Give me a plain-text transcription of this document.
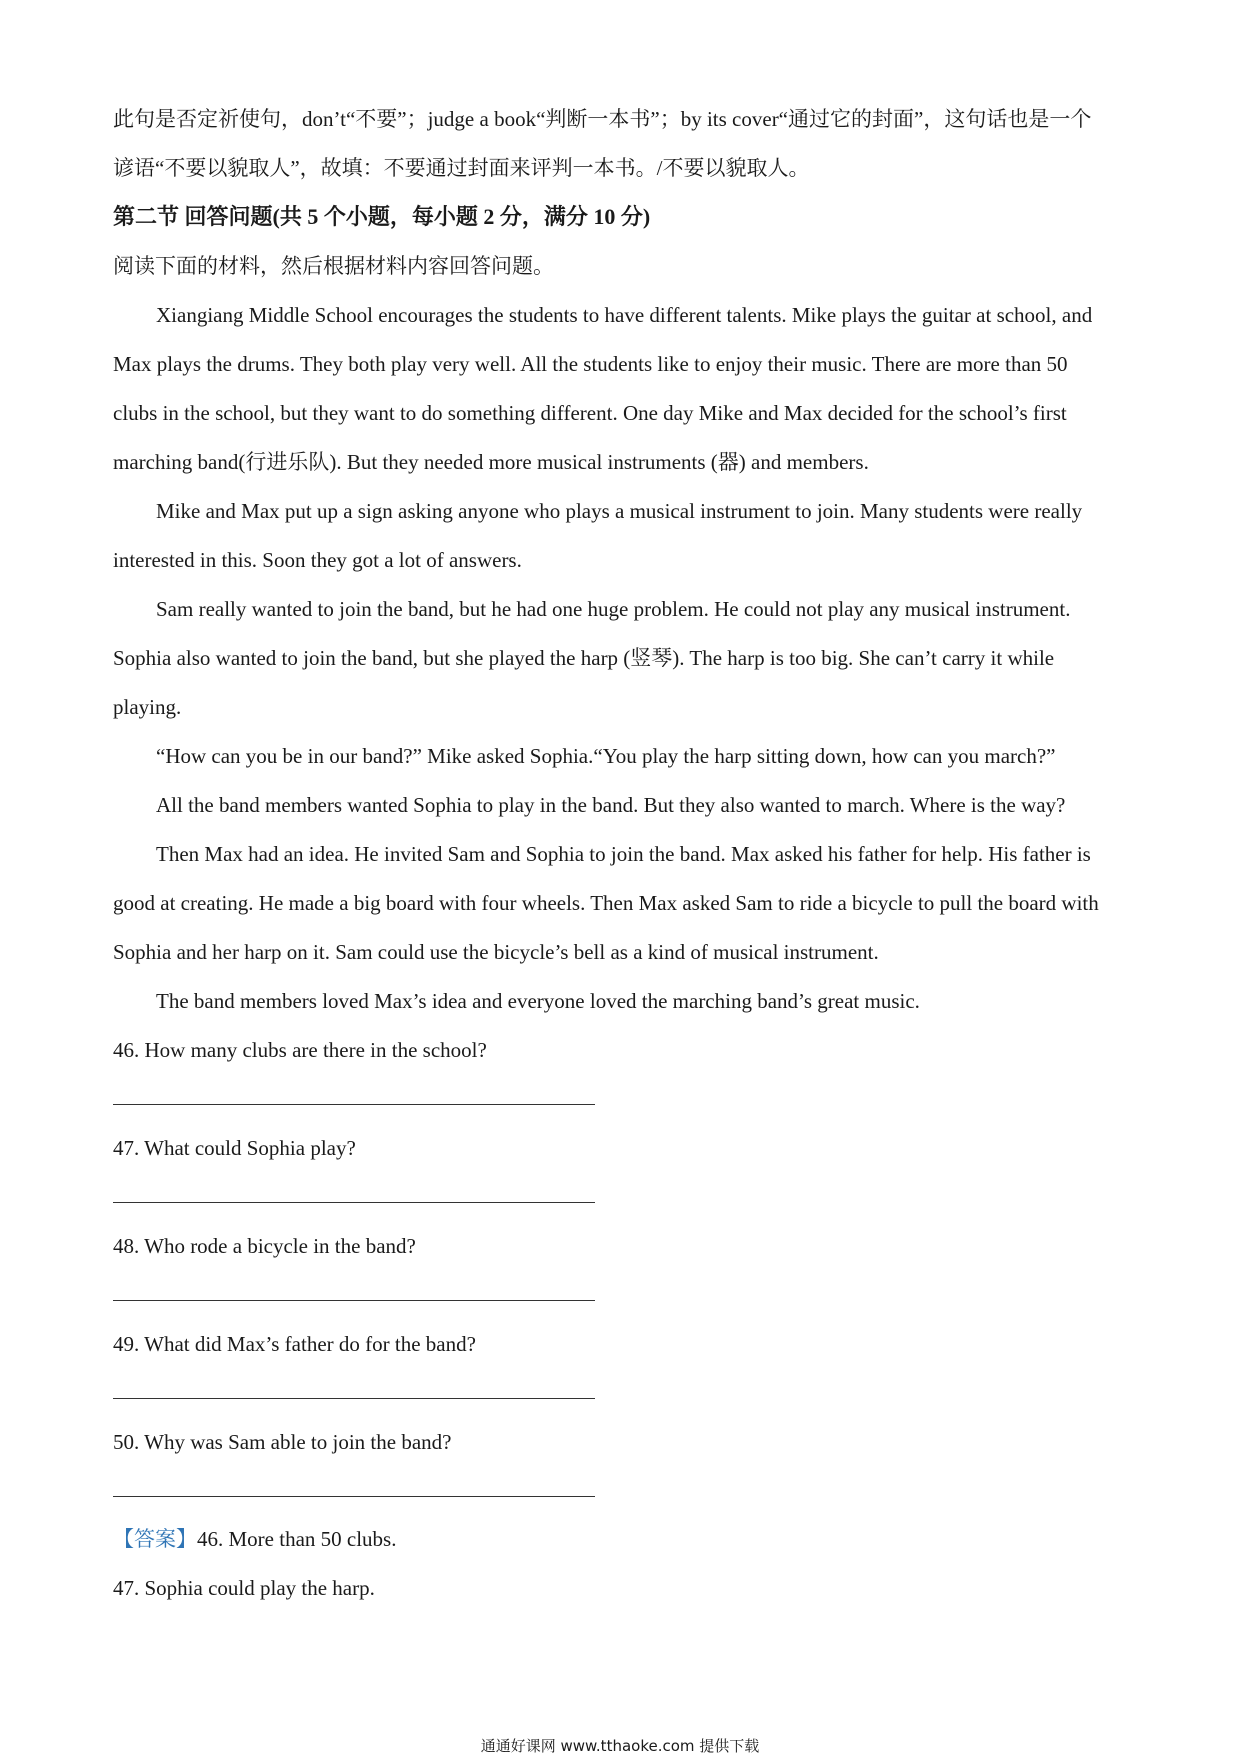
此句是否定祈使句，don’t“不要”；judge a book“判断一本书”；by its cover“通过它的封面”，这句话也是一个
谚语“不要以貌取人”，故填：不要通过封面来评判一本书。/不要以貌取人。
第二节 回答问题(共 5 个小题，每小题 2 分，满分 10 分)
阅读下面的材料，然后根据材料内容回答问题。
Xiangiang Middle School encourages the students to have different talents. Mike plays the guitar at school, and
Max plays the drums. They both play very well. All the students like to enjoy their music. There are more than 50
clubs in the school, but they want to do something different. One day Mike and Max decided for the school’s first
marching band(行进乐队). But they needed more musical instruments (器) and members.
Mike and Max put up a sign asking anyone who plays a musical instrument to join. Many students were really
interested in this. Soon they got a lot of answers.
Sam really wanted to join the band, but he had one huge problem. He could not play any musical instrument.
Sophia also wanted to join the band, but she played the harp (竖琴). The harp is too big. She can’t carry it while
playing.
“How can you be in our band?” Mike asked Sophia.“You play the harp sitting down, how can you march?”
All the band members wanted Sophia to play in the band. But they also wanted to march. Where is the way?
Then Max had an idea. He invited Sam and Sophia to join the band. Max asked his father for help. His father is
good at creating. He made a big board with four wheels. Then Max asked Sam to ride a bicycle to pull the board with
Sophia and her harp on it. Sam could use the bicycle’s bell as a kind of musical instrument.
The band members loved Max’s idea and everyone loved the marching band’s great music.
46. How many clubs are there in the school?
47. What could Sophia play?
48. Who rode a bicycle in the band?
49. What did Max’s father do for the band?
50. Why was Sam able to join the band?
【答案】46. More than 50 clubs.
47. Sophia could play the harp.
通通好课网 www.tthaoke.com 提供下载
